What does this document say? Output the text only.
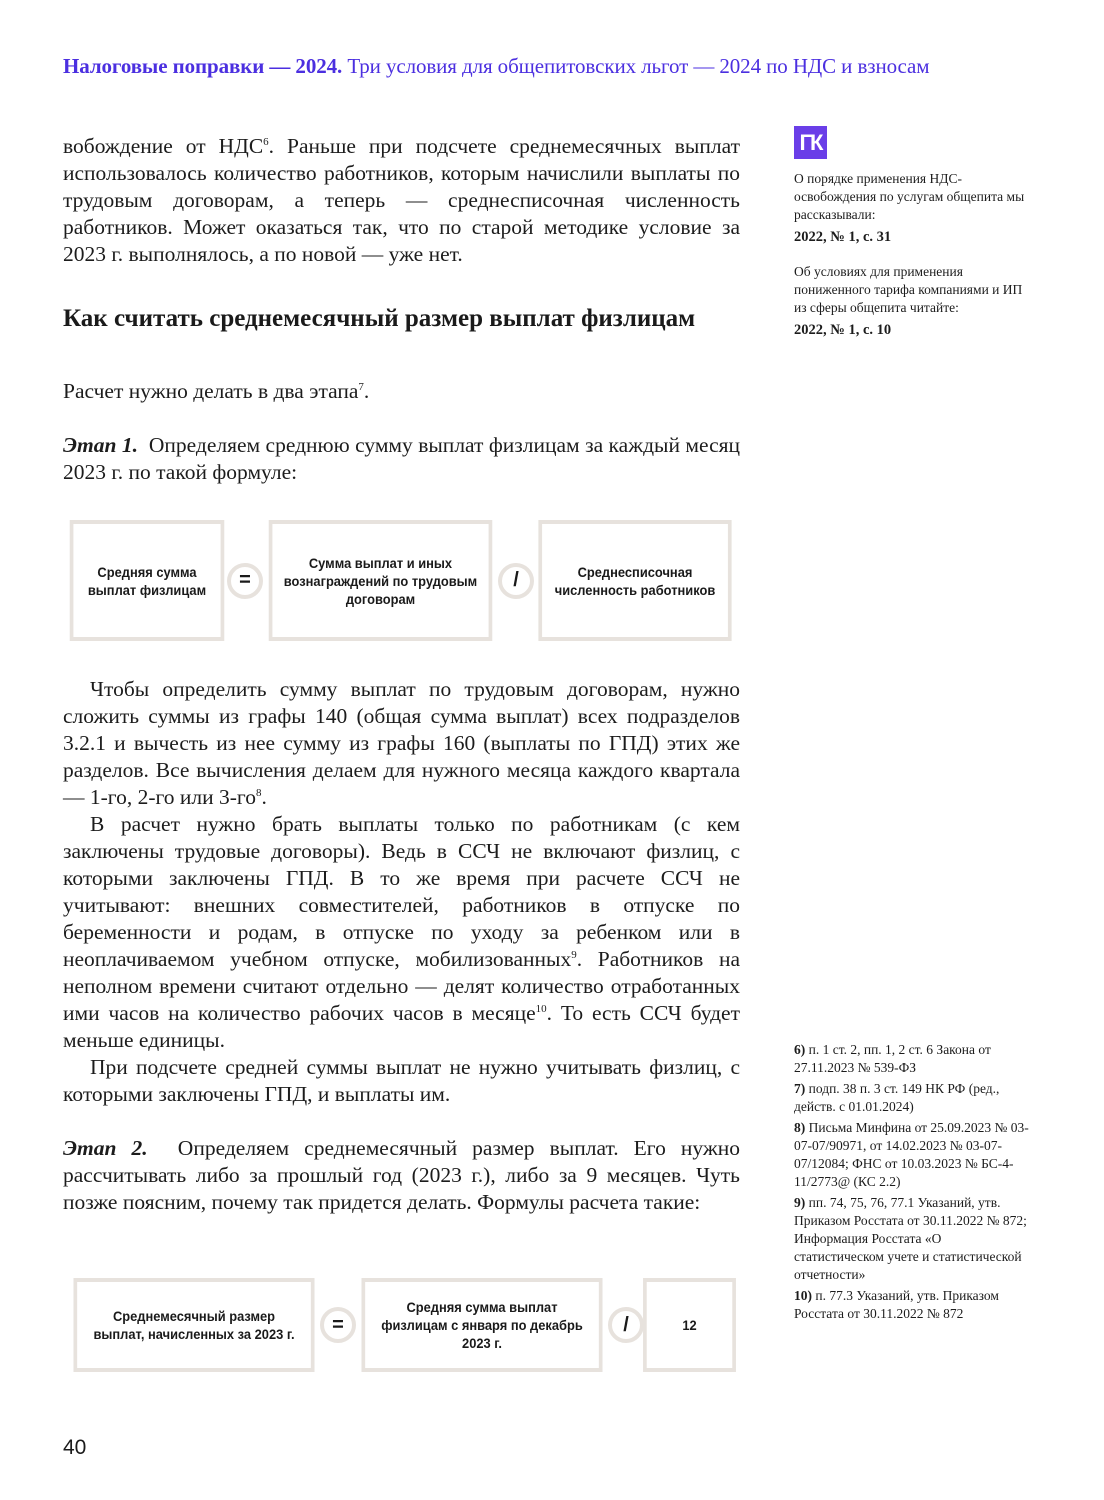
Налоговые поправки — 2024. Три условия для общепитовских льгот — 2024 по НДС и взносам

вобождение от НДС$^6$. Раньше при подсчете среднемесячных выплат использовалось количество работников, которым начислили выплаты по трудовым договорам, а теперь — среднесписочная численность работников. Может оказаться так, что по старой методике условие за 2023 г. выполнялось, а по новой — уже нет.

Как считать среднемесячный размер выплат физлицам

Расчет нужно делать в два этапа$^7$.

Этап 1. Определяем среднюю сумму выплат физлицам за каждый месяц 2023 г. по такой формуле:

Средняя сумма выплат физлицам
Сумма выплат и иных вознаграждений по трудовым договорам
Среднесписочная численность работников
=	/

Чтобы определить сумму выплат по трудовым договорам, нужно сложить суммы из графы 140 (общая сумма выплат) всех подразделов 3.2.1 и вычесть из нее сумму из графы 160 (выплаты по ГПД) этих же разделов. Все вычисления делаем для нужного месяца каждого квартала — 1-го, 2-го или $3-го^8$.

В расчет нужно брать выплаты только по работникам (с кем заключены трудовые договоры). Ведь в ССЧ не включают физлиц, с которыми заключены ГПД. В то же время при расчете ССЧ не учитывают: внешних совместителей, работников в отпуске по беременности и родам, в отпуске по уходу за ребенком или в неоплачиваемом учебном отпуске, мобилизованных$^9$. Работников на неполном времени считают отдельно — делят количество отработанных ими часов на количество рабочих часов в месяце$^{10}$. То есть ССЧ будет меньше единицы.

При подсчете средней суммы выплат не нужно учитывать физлиц, с которыми заключены ГПД, и выплаты им.

Этап 2. Определяем среднемесячный размер выплат. Его нужно рассчитывать либо за прошлый год (2023 г.), либо за 9 месяцев. Чуть позже поясним, почему так придется делать. Формулы расчета такие:

Среднемесячный размер выплат, начисленных за 2023 г.
Средняя сумма выплат физлицам с января по декабрь 2023 г.
12
=	/
ГК

О порядке применения НДС-освобождения по услугам общепита мы рассказывали:

2022, № 1, с. 31

Об условиях для применения пониженного тарифа компаниями и ИП из сферы общепита читайте:

2022, № 1, с. 10

6) п. 1 ст. 2, пп. 1, 2 ст. 6 Закона от 27.11.2023 № 539-ФЗ
7) подп. 38 п. 3 ст. 149 НК РФ (ред., действ. с 01.01.2024)
8) Письма Минфина от 25.09.2023 № 03-07-07/90971, от 14.02.2023 № 03-07-07/12084; ФНС от 10.03.2023 № БС-4-11/2773@ (КС 2.2)
9) пп. 74, 75, 76, 77.1 Указаний, утв. Приказом Росстата от 30.11.2022 № 872; Информация Росстата «О статистическом учете и статистической отчетности»
10) п. 77.3 Указаний, утв. Приказом Росстата от 30.11.2022 № 872
40
